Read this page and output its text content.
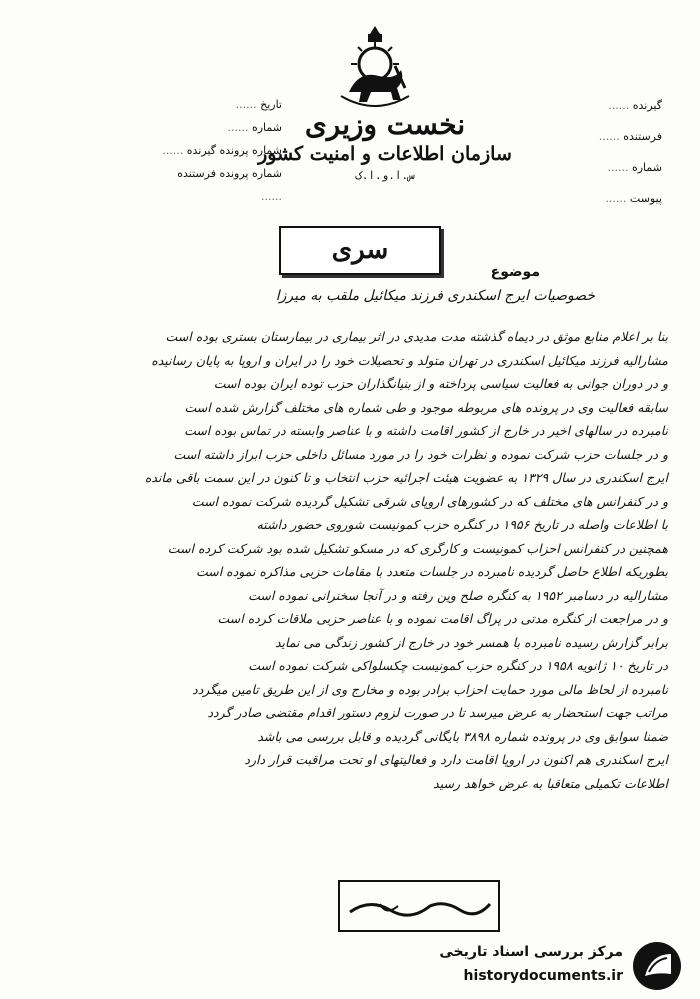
نخست وزیری
سازمان اطلاعات و امنیت کشور
س.ا.و.ا.ک
تاریخ ......
شماره ......
شماره پرونده گیرنده ......
شماره پرونده فرستنده ......
گیرنده ......
فرستنده ......
شماره ......
پیوست ......
سری
موضوع
خصوصیات ایرج اسکندری فرزند میکائیل ملقب به میرزا
بنا بر اعلام منابع موثق در دیماه گذشته مدت مدیدی در اثر بیماری در بیمارستان بستری بوده است
مشارالیه فرزند میکائیل اسکندری در تهران متولد و تحصیلات خود را در ایران و اروپا به پایان رسانیده
و در دوران جوانی به فعالیت سیاسی پرداخته و از بنیانگذاران حزب توده ایران بوده است
سابقه فعالیت وی در پرونده های مربوطه موجود و طی شماره های مختلف گزارش شده است
نامبرده در سالهای اخیر در خارج از کشور اقامت داشته و با عناصر وابسته در تماس بوده است
و در جلسات حزب شرکت نموده و نظرات خود را در مورد مسائل داخلی حزب ابراز داشته است
ایرج اسکندری در سال ۱۳۲۹ به عضویت هیئت اجرائیه حزب انتخاب و تا کنون در این سمت باقی مانده
و در کنفرانس های مختلف که در کشورهای اروپای شرقی تشکیل گردیده شرکت نموده است
با اطلاعات واصله در تاریخ ۱۹۵۶ در کنگره حزب کمونیست شوروی حضور داشته
همچنین در کنفرانس احزاب کمونیست و کارگری که در مسکو تشکیل شده بود شرکت کرده است
بطوریکه اطلاع حاصل گردیده نامبرده در جلسات متعدد با مقامات حزبی مذاکره نموده است
مشارالیه در دسامبر ۱۹۵۲ به کنگره صلح وین رفته و در آنجا سخنرانی نموده است
و در مراجعت از کنگره مدتی در پراگ اقامت نموده و با عناصر حزبی ملاقات کرده است
برابر گزارش رسیده نامبرده با همسر خود در خارج از کشور زندگی می نماید
در تاریخ ۱۰ ژانویه ۱۹۵۸ در کنگره حزب کمونیست چکسلواکی شرکت نموده است
نامبرده از لحاظ مالی مورد حمایت احزاب برادر بوده و مخارج وی از این طریق تامین میگردد
مراتب جهت استحضار به عرض میرسد تا در صورت لزوم دستور اقدام مقتضی صادر گردد
ضمنا سوابق وی در پرونده شماره ۳۸۹۸ بایگانی گردیده و قابل بررسی می باشد
ایرج اسکندری هم اکنون در اروپا اقامت دارد و فعالیتهای او تحت مراقبت قرار دارد
اطلاعات تکمیلی متعاقبا به عرض خواهد رسید
مرکز بررسی اسناد تاریخی
historydocuments.ir
